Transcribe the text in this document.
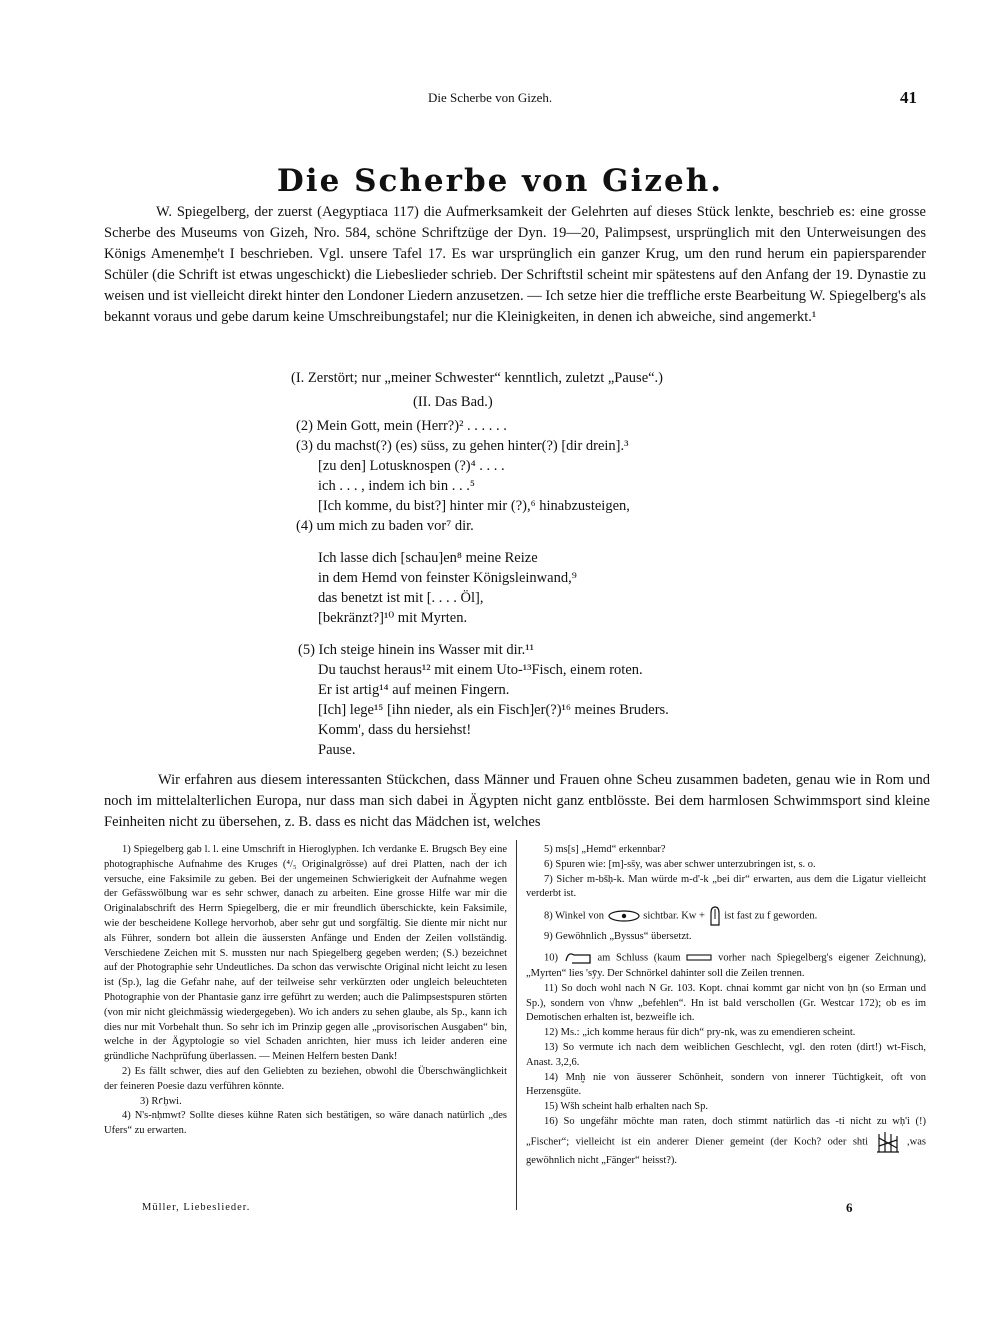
Die Scherbe von Gizeh.	41
Die Scherbe von Gizeh.

W. Spiegelberg, der zuerst (Aegyptiaca 117) die Aufmerksamkeit der Gelehrten auf dieses Stück lenkte, beschrieb es: eine grosse Scherbe des Museums von Gizeh, Nro. 584, schöne Schriftzüge der Dyn. 19—20, Palimpsest, ursprünglich mit den Unterweisungen des Königs Amenemḥe't I beschrieben. Vgl. unsere Tafel 17. Es war ursprünglich ein ganzer Krug, um den rund herum ein papiersparender Schüler (die Schrift ist etwas ungeschickt) die Liebeslieder schrieb. Der Schriftstil scheint mir spätestens auf den Anfang der 19. Dynastie zu weisen und ist vielleicht direkt hinter den Londoner Liedern anzusetzen. — Ich setze hier die treffliche erste Bearbeitung W. Spiegelberg's als bekannt voraus und gebe darum keine Umschreibungstafel; nur die Kleinigkeiten, in denen ich abweiche, sind angemerkt.¹

(I. Zerstört; nur „meiner Schwester“ kenntlich, zuletzt „Pause“.)
(II. Das Bad.)
(2) Mein Gott, mein (Herr?)² . . . . . .
(3) du machst(?) (es) süss, zu gehen hinter(?) [dir drein].³
[zu den] Lotusknospen (?)⁴ . . . .
ich . . . , indem ich bin . . .⁵
[Ich komme, du bist?] hinter mir (?),⁶ hinabzusteigen,
(4) um mich zu baden vor⁷ dir.
Ich lasse dich [schau]en⁸ meine Reize
in dem Hemd von feinster Königsleinwand,⁹
das benetzt ist mit [. . . . Öl],
[bekränzt?]¹⁰ mit Myrten.
(5) Ich steige hinein ins Wasser mit dir.¹¹
Du tauchst heraus¹² mit einem Uto-¹³Fisch, einem roten.
Er ist artig¹⁴ auf meinen Fingern.
[Ich] lege¹⁵ [ihn nieder, als ein Fisch]er(?)¹⁶ meines Bruders.
Komm', dass du hersiehst!
Pause.

Wir erfahren aus diesem interessanten Stückchen, dass Männer und Frauen ohne Scheu zusammen badeten, genau wie in Rom und noch im mittelalterlichen Europa, nur dass man sich dabei in Ägypten nicht ganz entblösste. Bei dem harmlosen Schwimmsport sind kleine Feinheiten nicht zu übersehen, z. B. dass es nicht das Mädchen ist, welches

1) Spiegelberg gab l. l. eine Umschrift in Hieroglyphen. Ich verdanke E. Brugsch Bey eine photographische Aufnahme des Kruges (⁴/₅ Originalgrösse) auf drei Platten, nach der ich versuche, eine Faksimile zu geben. Bei der ungemeinen Schwierigkeit der Aufnahme wegen der Gefässwölbung war es sehr schwer, danach zu arbeiten. Eine grosse Hilfe war mir die Originalabschrift des Herrn Spiegelberg, die er mir freundlich überschickte, kein Faksimile, wie der bescheidene Kollege hervorhob, aber sehr gut und sorgfältig. Sie diente mir nicht nur als Führer, sondern bot allein die äussersten Anfänge und Enden der Zeilen vollständig. Verschiedene Zeichen mit S. mussten nur nach Spiegelberg gegeben werden; (S.) bezeichnet auf der Photographie sehr Undeutliches. Da schon das verwischte Original nicht leicht zu lesen ist (Sp.), lag die Gefahr nahe, auf der teilweise sehr verkürzten oder ungleich beleuchteten Photographie von der Phantasie ganz irre geführt zu werden; auch die Palimpsestspuren störten (von mir nicht gleichmässig wiedergegeben). Wo ich anders zu sehen glaube, als Sp., kann ich dies nur mit Vorbehalt thun. So sehr ich im Prinzip gegen alle „provisorischen Ausgaben“ bin, welche in der Ägyptologie so viel Schaden anrichten, hier muss ich leider anderen eine gründliche Nachprüfung überlassen. — Meinen Helfern besten Dank!

2) Es fällt schwer, dies auf den Geliebten zu beziehen, obwohl die Überschwänglichkeit der feineren Poesie dazu verführen könnte.

3) Rꜥḥwi.

4) N's-nḥmwt? Sollte dieses kühne Raten sich bestätigen, so wäre danach natürlich „des Ufers“ zu erwarten.

5) ms[s] „Hemd“ erkennbar?

6) Spuren wie: [m]-ss̄y, was aber schwer unterzubringen ist, s. o.

7) Sicher m-bšḥ-k. Man würde m-d'-k „bei dir“ erwarten, aus dem die Ligatur vielleicht verderbt ist.

8) Winkel von	sichtbar. Kw + ist fast zu f geworden.

9) Gewöhnlich „Byssus“ übersetzt.

10)	am Schluss (kaum	vorher nach Spiegelberg's eigener Zeichnung), „Myrten“ lies 'sȳy. Der Schnörkel dahinter soll die Zeilen trennen.

11) So doch wohl nach N Gr. 103. Kopt. chnai kommt gar nicht von ḥn (so Erman und Sp.), sondern von √hnw „befehlen“. Hn ist bald verschollen (Gr. Westcar 172); ob es im Demotischen erhalten ist, bezweifle ich.

12) Ms.: „ich komme heraus für dich“ pry-nk, was zu emendieren scheint.

13) So vermute ich nach dem weiblichen Geschlecht, vgl. den roten (dirt!) wt-Fisch, Anast. 3,2,6.

14) Mnḫ nie von äusserer Schönheit, sondern von innerer Tüchtigkeit, oft von Herzensgüte.

15) Wšh scheint halb erhalten nach Sp.

16) So ungefähr möchte man raten, doch stimmt natürlich das -ti nicht zu wḥ'i (!) „Fischer“; vielleicht ist ein anderer Diener gemeint (der Koch? oder shti	,was gewöhnlich nicht „Fänger“ heisst?).

Müller, Liebeslieder.	6
